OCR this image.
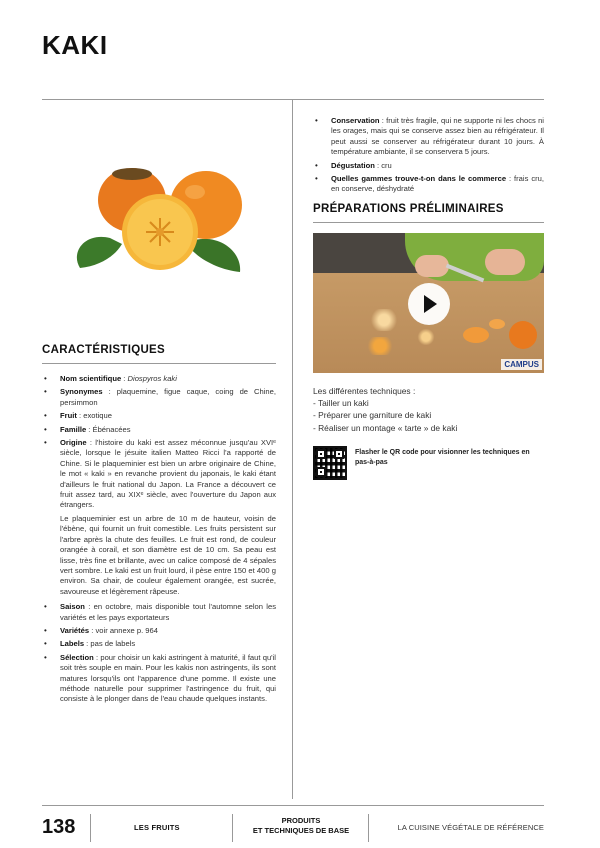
KAKI
CARACTÉRISTIQUES
• Nom scientifique : Diospyros kaki
• Synonymes : plaquemine, figue caque, coing de Chine, persimmon
• Fruit : exotique
• Famille : Ébénacées
• Origine : l'histoire du kaki est assez méconnue jusqu'au XVIᵉ siècle, lorsque le jésuite italien Matteo Ricci l'a rapporté de Chine. Si le plaqueminier est bien un arbre originaire de Chine, le mot « kaki » en revanche provient du japonais, le kaki étant d'ailleurs le fruit national du Japon. La France a découvert ce fruit assez tard, au XIXᵉ siècle, avec l'ouverture du Japon aux étrangers.

Le plaqueminier est un arbre de 10 m de hauteur, voisin de l'ébène, qui fournit un fruit comestible. Les fruits persistent sur l'arbre après la chute des feuilles. Le fruit est rond, de couleur orangée à corail, et son diamètre est de 10 cm. Sa peau est lisse, très fine et brillante, avec un calice composé de 4 sépales vert sombre. Le kaki est un fruit lourd, il pèse entre 150 et 400 g environ. Sa chair, de couleur également orangée, est sucrée, savoureuse et légèrement râpeuse.

• Saison : en octobre, mais disponible tout l'automne selon les variétés et les pays exportateurs
• Variétés : voir annexe p. 964
• Labels : pas de labels
• Sélection : pour choisir un kaki astringent à maturité, il faut qu'il soit très souple en main. Pour les kakis non astringents, ils sont matures lorsqu'ils ont l'apparence d'une pomme. Il existe une méthode naturelle pour supprimer l'astringence du fruit, qui consiste à le plonger dans de l'eau chaude quelques instants.
• Conservation : fruit très fragile, qui ne supporte ni les chocs ni les orages, mais qui se conserve assez bien au réfrigérateur. Il peut aussi se conserver au réfrigérateur durant 10 jours. À température ambiante, il se conservera 5 jours.
• Dégustation : cru
• Quelles gammes trouve-t-on dans le commerce : frais cru, en conserve, déshydraté
PRÉPARATIONS PRÉLIMINAIRES
CAMPUS
Les différentes techniques :
- Tailler un kaki
- Préparer une garniture de kaki
- Réaliser un montage « tarte » de kaki
Flasher le QR code pour visionner les techniques en pas-à-pas
138	LES FRUITS
PRODUITS
ET TECHNIQUES DE BASE	LA CUISINE VÉGÉTALE DE RÉFÉRENCE
